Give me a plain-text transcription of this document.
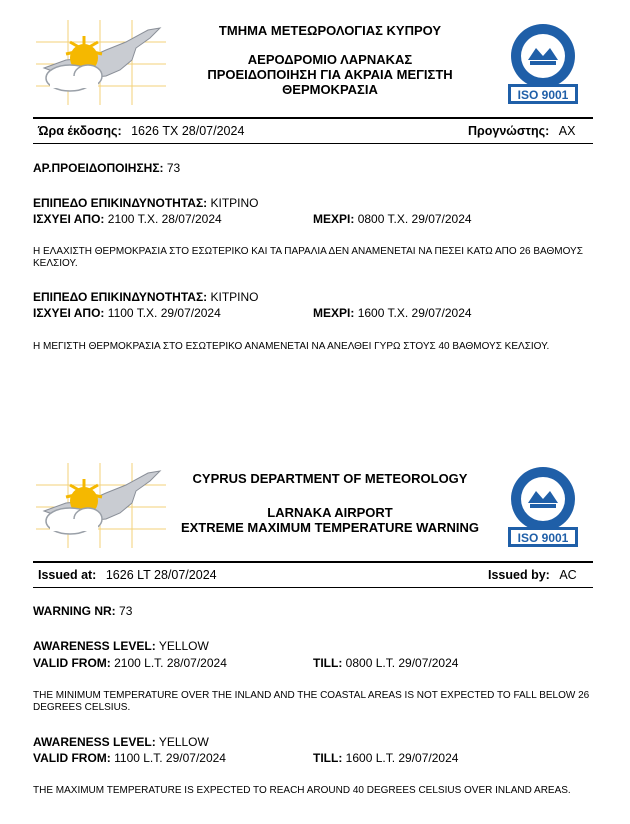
ΤΜΗΜΑ ΜΕΤΕΩΡΟΛΟΓΙΑΣ ΚΥΠΡΟΥ
ΑΕΡΟΔΡΟΜΙΟ ΛΑΡΝΑΚΑΣ
ΠΡΟΕΙΔΟΠΟΙΗΣΗ ΓΙΑ ΑΚΡΑΙΑ ΜΕΓΙΣΤΗ
ΘΕΡΜΟΚΡΑΣΙΑ	ISO 9001
Ώρα έκδοσης: 1626 TX 28/07/2024	Προγνώστης: AX
ΑΡ.ΠΡΟΕΙΔΟΠΟΙΗΣΗΣ: 73
ΕΠΙΠΕΔΟ ΕΠΙΚΙΝΔΥΝΟΤΗΤΑΣ: ΚΙΤΡΙΝΟ
ΙΣΧΥΕΙ ΑΠΟ: 2100 Τ.Χ. 28/07/2024	ΜΕΧΡΙ: 0800 Τ.Χ. 29/07/2024
Η ΕΛΑΧΙΣΤΗ ΘΕΡΜΟΚΡΑΣΙΑ ΣΤΟ ΕΣΩΤΕΡΙΚΟ ΚΑΙ ΤΑ ΠΑΡΑΛΙΑ ΔΕΝ ΑΝΑΜΕΝΕΤΑΙ ΝΑ ΠΕΣΕΙ ΚΑΤΩ ΑΠΟ 26 ΒΑΘΜΟΥΣ ΚΕΛΣΙΟΥ.
ΕΠΙΠΕΔΟ ΕΠΙΚΙΝΔΥΝΟΤΗΤΑΣ: ΚΙΤΡΙΝΟ
ΙΣΧΥΕΙ ΑΠΟ: 1100 Τ.Χ. 29/07/2024	ΜΕΧΡΙ: 1600 Τ.Χ. 29/07/2024
Η ΜΕΓΙΣΤΗ ΘΕΡΜΟΚΡΑΣΙΑ ΣΤΟ ΕΣΩΤΕΡΙΚΟ ΑΝΑΜΕΝΕΤΑΙ ΝΑ ΑΝΕΛΘΕΙ ΓΥΡΩ ΣΤΟΥΣ 40 ΒΑΘΜΟΥΣ ΚΕΛΣΙΟΥ.
CYPRUS DEPARTMENT OF METEOROLOGY
LARNAKA AIRPORT
EXTREME MAXIMUM TEMPERATURE WARNING
ISO 9001
Issued at: 1626 LT 28/07/2024	Issued by: AC
WARNING NR: 73
AWARENESS LEVEL: YELLOW
VALID FROM: 2100 L.T. 28/07/2024	TILL: 0800 L.T. 29/07/2024
THE MINIMUM TEMPERATURE OVER THE INLAND AND THE COASTAL AREAS IS NOT EXPECTED TO FALL BELOW 26 DEGREES CELSIUS.
AWARENESS LEVEL: YELLOW
VALID FROM: 1100 L.T. 29/07/2024	TILL: 1600 L.T. 29/07/2024
THE MAXIMUM TEMPERATURE IS EXPECTED TO REACH AROUND 40 DEGREES CELSIUS OVER INLAND AREAS.
